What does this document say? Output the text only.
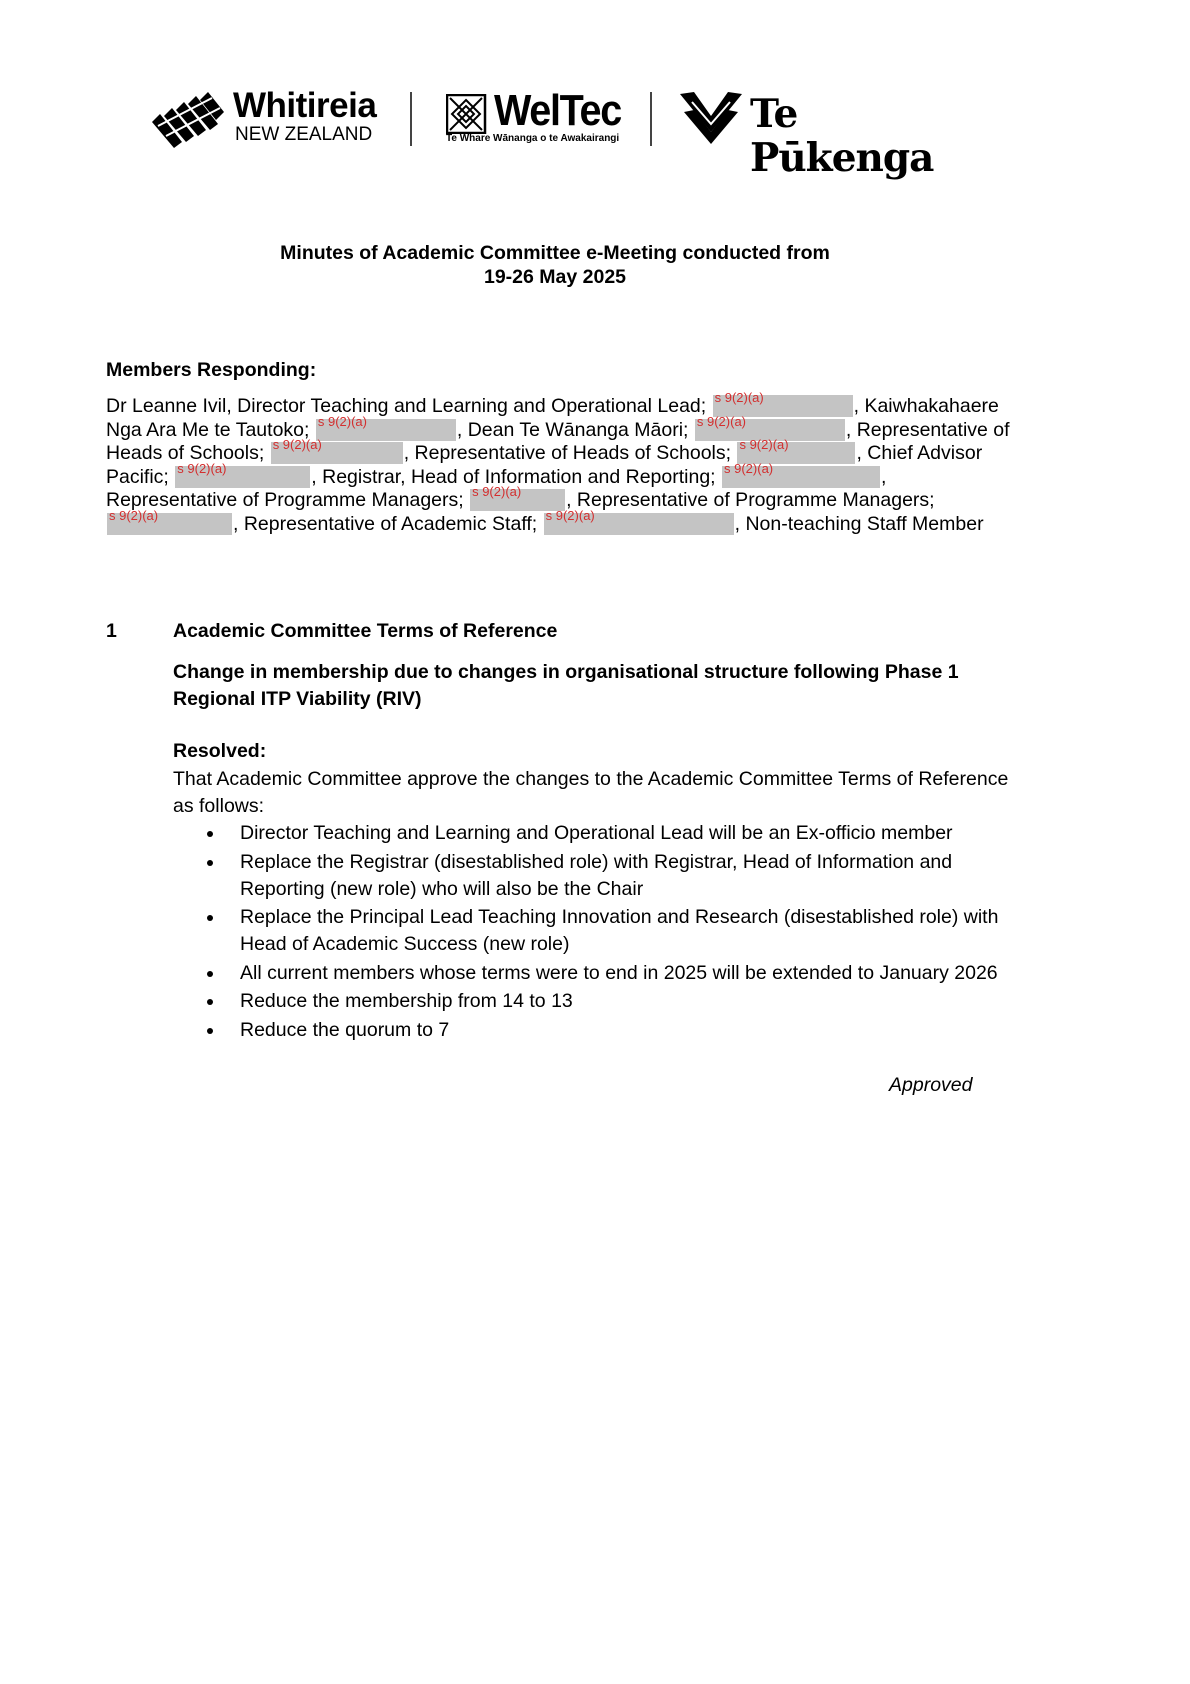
Whitireia
NEW ZEALAND	WelTec
Te Whare Wānanga o te Awakairangi
Te Pūkenga
Minutes of Academic Committee e-Meeting conducted from
19-26 May 2025
Members Responding:
Dr Leanne Ivil, Director Teaching and Learning and Operational Lead; s 9(2)(a)	, Kaiwhakahaere Nga Ara Me te Tautoko; s 9(2)(a)	, Dean Te Wānanga Māori; s 9(2)(a)	, Representative of Heads of Schools; s 9(2)(a)	, Representative of Heads of Schools; s 9(2)(a)	, Chief Advisor Pacific; s 9(2)(a)	, Registrar, Head of Information and Reporting; s 9(2)(a)	, Representative of Programme Managers; s 9(2)(a) , Representative of Programme Managers;
s 9(2)(a)	, Representative of Academic Staff; s 9(2)(a)	, Non-teaching Staff Member
1	Academic Committee Terms of Reference
Change in membership due to changes in organisational structure following Phase 1 Regional ITP Viability (RIV)
Resolved:
That Academic Committee approve the changes to the Academic Committee Terms of Reference as follows:
Director Teaching and Learning and Operational Lead will be an Ex-officio member
Replace the Registrar (disestablished role) with Registrar, Head of Information and Reporting (new role) who will also be the Chair
Replace the Principal Lead Teaching Innovation and Research (disestablished role) with Head of Academic Success (new role)
All current members whose terms were to end in 2025 will be extended to January 2026
Reduce the membership from 14 to 13
Reduce the quorum to 7
Approved
